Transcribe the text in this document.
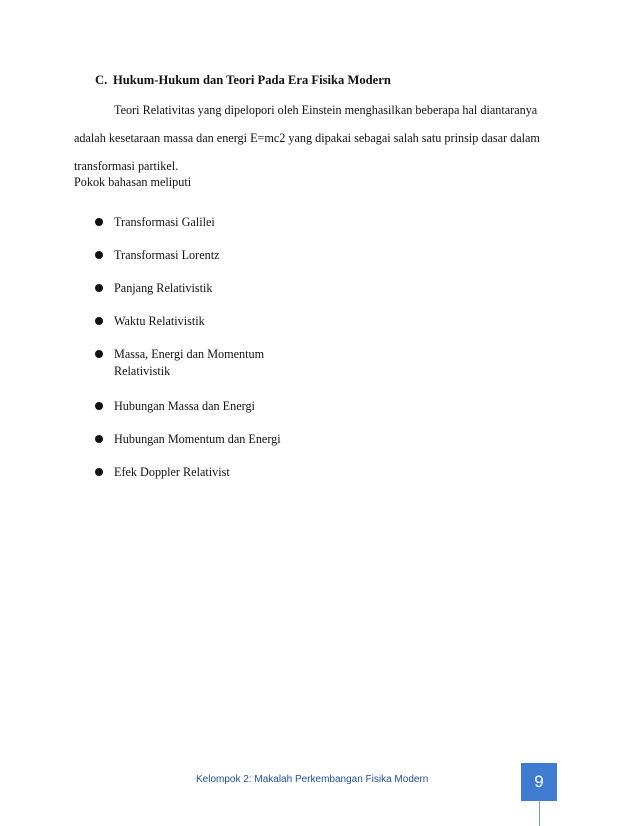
C. Hukum-Hukum dan Teori Pada Era Fisika Modern
Teori Relativitas yang dipelopori oleh Einstein menghasilkan beberapa hal diantaranya
adalah kesetaraan massa dan energi E=mc2 yang dipakai sebagai salah satu prinsip dasar dalam
transformasi partikel.
Pokok bahasan meliputi
Transformasi Galilei
Transformasi Lorentz
Panjang Relativistik
Waktu Relativistik
Massa, Energi dan Momentum
Relativistik
Hubungan Massa dan Energi
Hubungan Momentum dan Energi
Efek Doppler Relativist
Kelompok 2: Makalah Perkembangan Fisika Modern	9
